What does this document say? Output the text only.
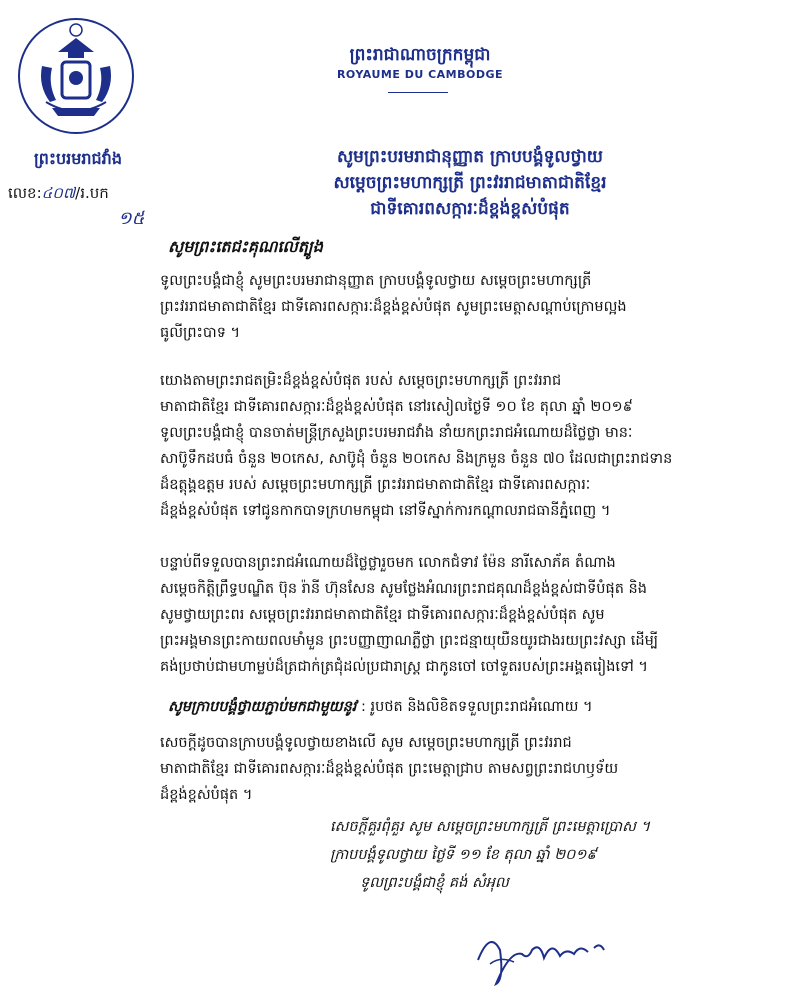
ព្រះរាជាណាចក្រកម្ពុជា
ROYAUME DU CAMBODGE
ព្រះបរមរាជវាំង
លេខ:៤០៧/រ.បក
១៥
សូមព្រះបរមរាជានុញ្ញាត ក្រាបបង្គំទូលថ្វាយ
សម្តេចព្រះមហាក្សត្រី ព្រះវររាជមាតាជាតិខ្មែរ
ជាទីគោរពសក្ការៈដ៏ខ្ពង់ខ្ពស់បំផុត
សូមព្រះតេជះគុណលើត្បូង
ទូលព្រះបង្គំជាខ្ញុំ សូមព្រះបរមរាជានុញ្ញាត ក្រាបបង្គំទូលថ្វាយ សម្តេចព្រះមហាក្សត្រី
ព្រះវររាជមាតាជាតិខ្មែរ ជាទីគោរពសក្ការៈដ៏ខ្ពង់ខ្ពស់បំផុត សូមព្រះមេត្តាសណ្តាប់ក្រោមល្អង
ធូលីព្រះបាទ ។
យោងតាមព្រះរាជតម្រិះដ៏ខ្ពង់ខ្ពស់បំផុត របស់ សម្តេចព្រះមហាក្សត្រី ព្រះវររាជ
មាតាជាតិខ្មែរ ជាទីគោរពសក្ការៈដ៏ខ្ពង់ខ្ពស់បំផុត នៅរសៀលថ្ងៃទី ១០ ខែ តុលា ឆ្នាំ ២០១៩
ទូលព្រះបង្គំជាខ្ញុំ បានចាត់មន្ត្រីក្រសួងព្រះបរមរាជវាំង នាំយកព្រះរាជអំណោយដ៏ថ្លៃថ្លា មានៈ
សាប៊ូទឹកដបធំ ចំនួន ២០កេស, សាប៊ូដុំ ចំនួន ២០កេស និងក្រមួន ចំនួន ៧០ ដែលជាព្រះរាជទាន
ដ៏ឧត្តុង្គឧត្តម របស់ សម្តេចព្រះមហាក្សត្រី ព្រះវររាជមាតាជាតិខ្មែរ ជាទីគោរពសក្ការៈ
ដ៏ខ្ពង់ខ្ពស់បំផុត ទៅជូនកាកបាទក្រហមកម្ពុជា នៅទីស្នាក់ការកណ្តាលរាជធានីភ្នំពេញ ។
បន្ទាប់ពីទទួលបានព្រះរាជអំណោយដ៏ថ្លៃថ្លារួចមក លោកជំទាវ ម៉ែន នារីសោភ័គ តំណាង
សម្តេចកិត្តិព្រឹទ្ធបណ្ឌិត ប៊ុន រ៉ានី ហ៊ុនសែន សូមថ្លែងអំណរព្រះរាជគុណដ៏ខ្ពង់ខ្ពស់ជាទីបំផុត និង
សូមថ្វាយព្រះពរ សម្តេចព្រះវររាជមាតាជាតិខ្មែរ ជាទីគោរពសក្ការៈដ៏ខ្ពង់ខ្ពស់បំផុត សូម
ព្រះអង្គមានព្រះកាយពលមាំមួន ព្រះបញ្ញាញាណភ្លឺថ្លា ព្រះជន្មាយុយឺនយូរជាងរយព្រះវស្សា ដើម្បី
គង់ប្រថាប់ជាមហាម្លប់ដ៏ត្រជាក់ត្រជុំដល់ប្រជារាស្ត្រ ជាកូនចៅ ចៅទួតរបស់ព្រះអង្គតរៀងទៅ ។
សូមក្រាបបង្គំថ្វាយភ្ជាប់មកជាមួយនូវ : រូបថត និងលិខិតទទួលព្រះរាជអំណោយ ។
សេចក្តីដូចបានក្រាបបង្គំទូលថ្វាយខាងលើ សូម សម្តេចព្រះមហាក្សត្រី ព្រះវររាជ
មាតាជាតិខ្មែរ ជាទីគោរពសក្ការៈដ៏ខ្ពង់ខ្ពស់បំផុត ព្រះមេត្តាជ្រាប តាមសព្វព្រះរាជហឫទ័យ
ដ៏ខ្ពង់ខ្ពស់បំផុត ។
សេចក្តីគួរពុំគួរ សូម សម្តេចព្រះមហាក្សត្រី ព្រះមេត្តាប្រោស ។
ក្រាបបង្គំទូលថ្វាយ ថ្ងៃទី ១១ ខែ តុលា ឆ្នាំ ២០១៩
ទូលព្រះបង្គំជាខ្ញុំ គង់ សំអុល
